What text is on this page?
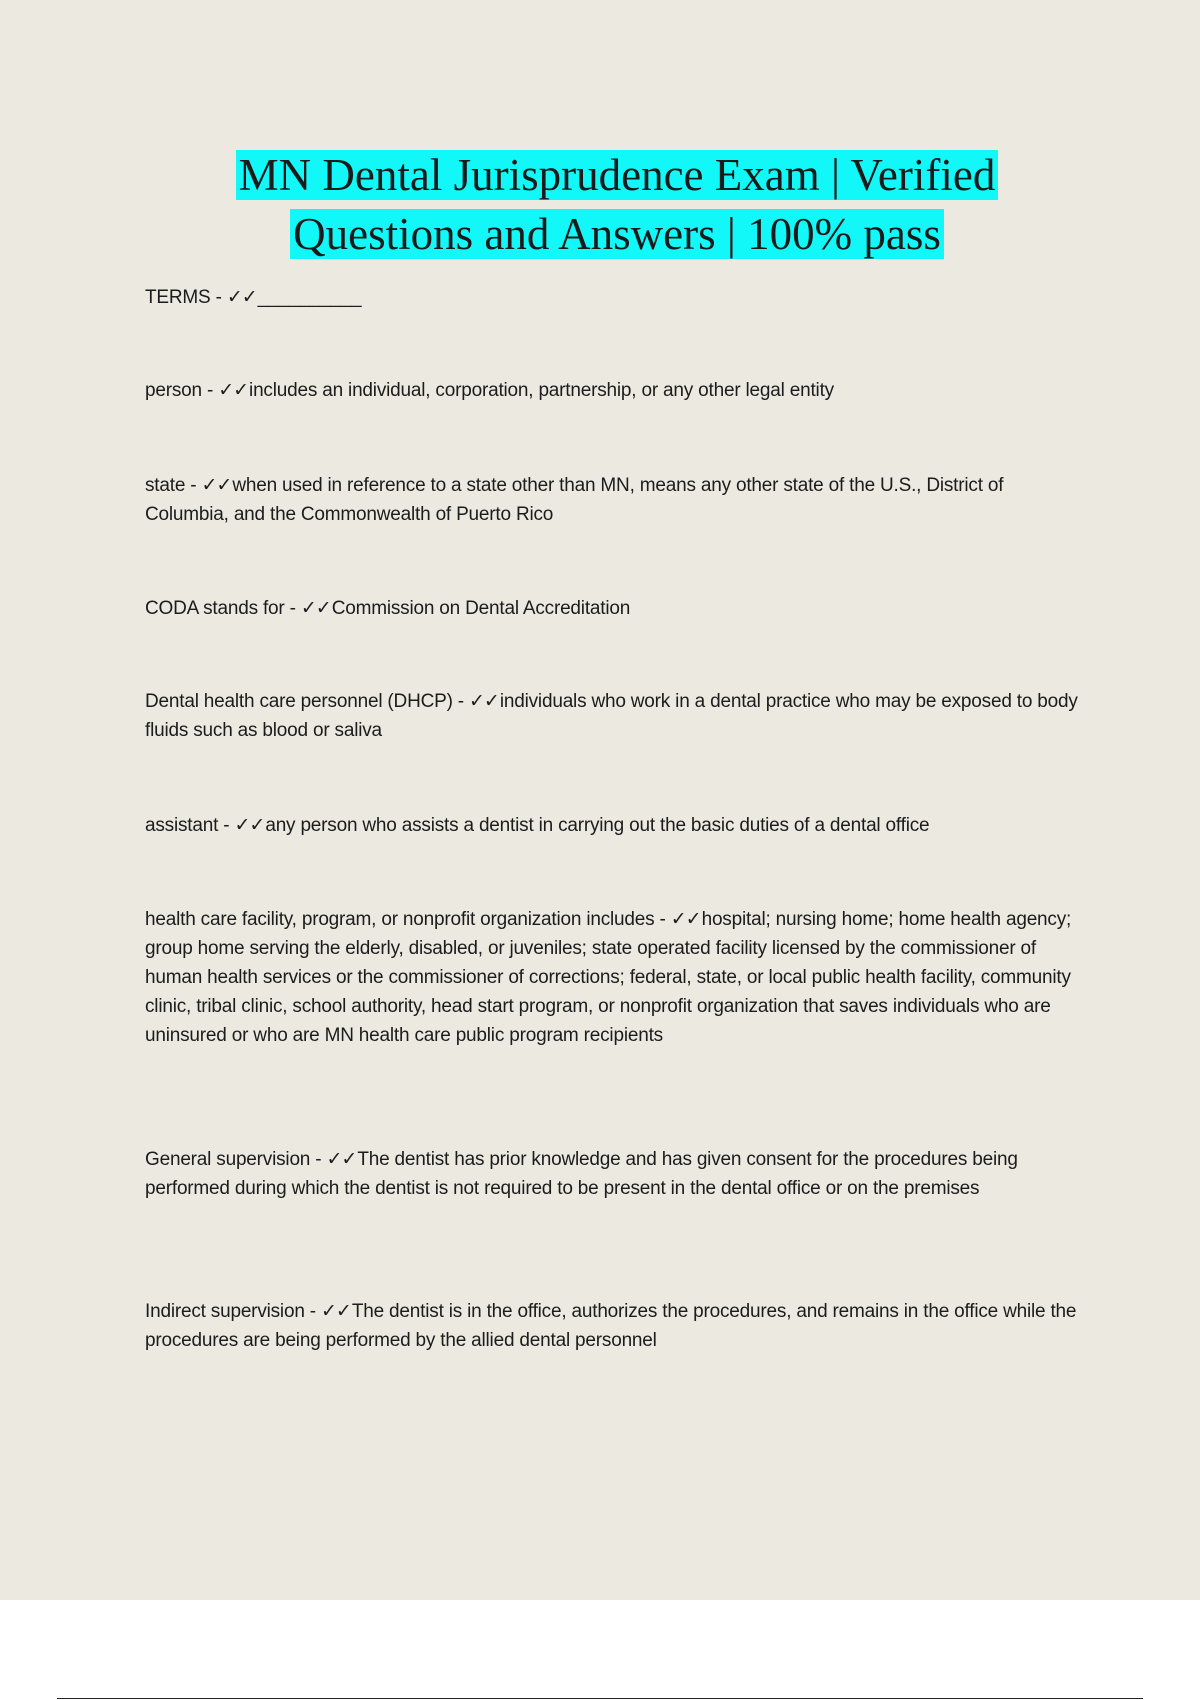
MN Dental Jurisprudence Exam | Verified
Questions and Answers | 100% pass

TERMS - ✓✓__________

person - ✓✓includes an individual, corporation, partnership, or any other legal entity

state - ✓✓when used in reference to a state other than MN, means any other state of the U.S., District of Columbia, and the Commonwealth of Puerto Rico

CODA stands for - ✓✓Commission on Dental Accreditation

Dental health care personnel (DHCP) - ✓✓individuals who work in a dental practice who may be exposed to body fluids such as blood or saliva

assistant - ✓✓any person who assists a dentist in carrying out the basic duties of a dental office

health care facility, program, or nonprofit organization includes - ✓✓hospital; nursing home; home health agency; group home serving the elderly, disabled, or juveniles; state operated facility licensed by the commissioner of human health services or the commissioner of corrections; federal, state, or local public health facility, community clinic, tribal clinic, school authority, head start program, or nonprofit organization that saves individuals who are uninsured or who are MN health care public program recipients

General supervision - ✓✓The dentist has prior knowledge and has given consent for the procedures being performed during which the dentist is not required to be present in the dental office or on the premises

Indirect supervision - ✓✓The dentist is in the office, authorizes the procedures, and remains in the office while the procedures are being performed by the allied dental personnel
